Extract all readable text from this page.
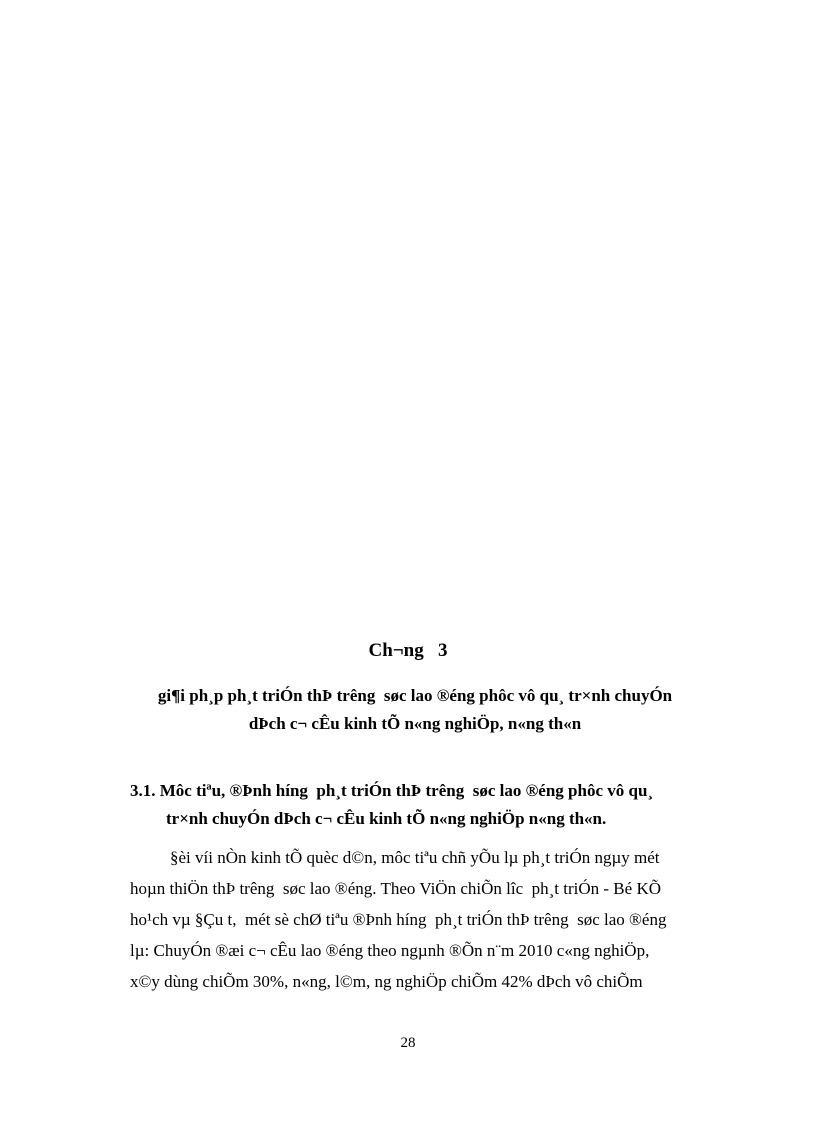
Ch¬ng   3
gi¶i ph¸p ph¸t triÓn thÞ trêng  søc lao ®éng phôc vô qu¸ tr×nh chuyÓn
dÞch c¬ cÊu kinh tÕ n«ng nghiÖp, n«ng th«n
3.1. Môc tiªu, ®Þnh híng  ph¸t triÓn thÞ trêng  søc lao ®éng phôc vô qu¸
tr×nh chuyÓn dÞch c¬ cÊu kinh tÕ n«ng nghiÖp n«ng th«n.
§èi víi nÒn kinh tÕ quèc d©n, môc tiªu chñ yÕu lµ ph¸t triÓn ngµy mét
hoµn thiÖn thÞ trêng  søc lao ®éng. Theo ViÖn chiÕn lîc  ph¸t triÓn - Bé KÕ
ho¹ch vµ §Çu t,  mét sè chØ tiªu ®Þnh híng  ph¸t triÓn thÞ trêng  søc lao ®éng
lµ: ChuyÓn ®æi c¬ cÊu lao ®éng theo ngµnh ®Õn n¨m 2010 c«ng nghiÖp,
x©y dùng chiÕm 30%, n«ng, l©m, ng nghiÖp chiÕm 42% dÞch vô chiÕm
28
